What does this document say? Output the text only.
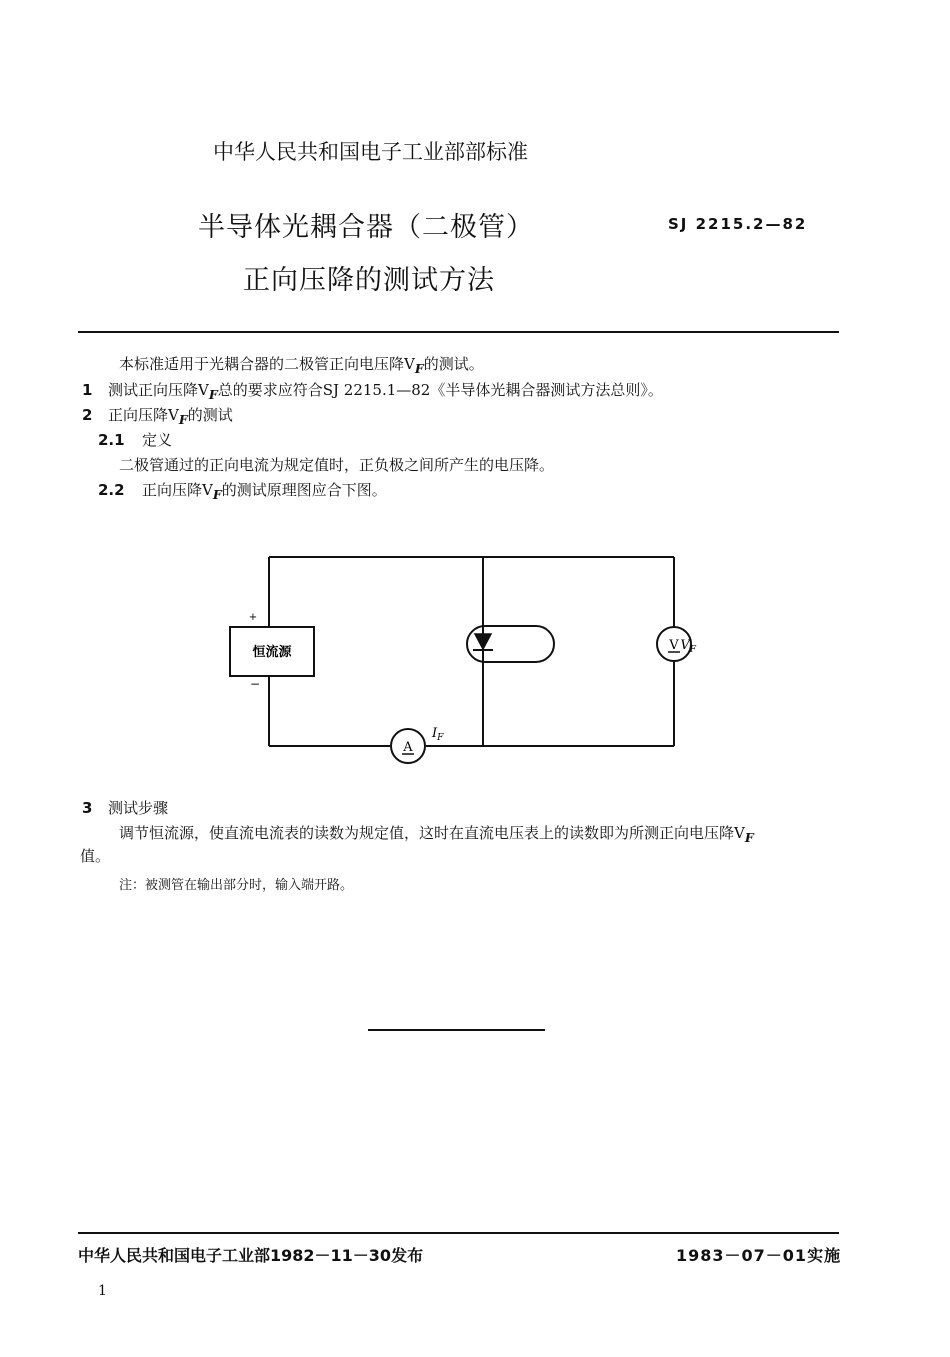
中华人民共和国电子工业部部标准
半导体光耦合器（二极管）
正向压降的测试方法
SJ 2215.2—82
本标准适用于光耦合器的二极管正向电压降$V_F$的测试。
1 测试正向压降$V_F$总的要求应符合SJ 2215.1—82《半导体光耦合器测试方法总则》。
2 正向压降$V_F$的测试
2.1 定义
二极管通过的正向电流为规定值时，正负极之间所产生的电压降。
2.2 正向压降$V_F$的测试原理图应合下图。
恒流源
+
−
A
V
$I_F$
$V_F$
3 测试步骤
调节恒流源，使直流电流表的读数为规定值，这时在直流电压表上的读数即为所测正向电压降$V_F$
值。
注：被测管在输出部分时，输入端开路。
中华人民共和国电子工业部1982－11－30发布	1983－07－01实施
1
